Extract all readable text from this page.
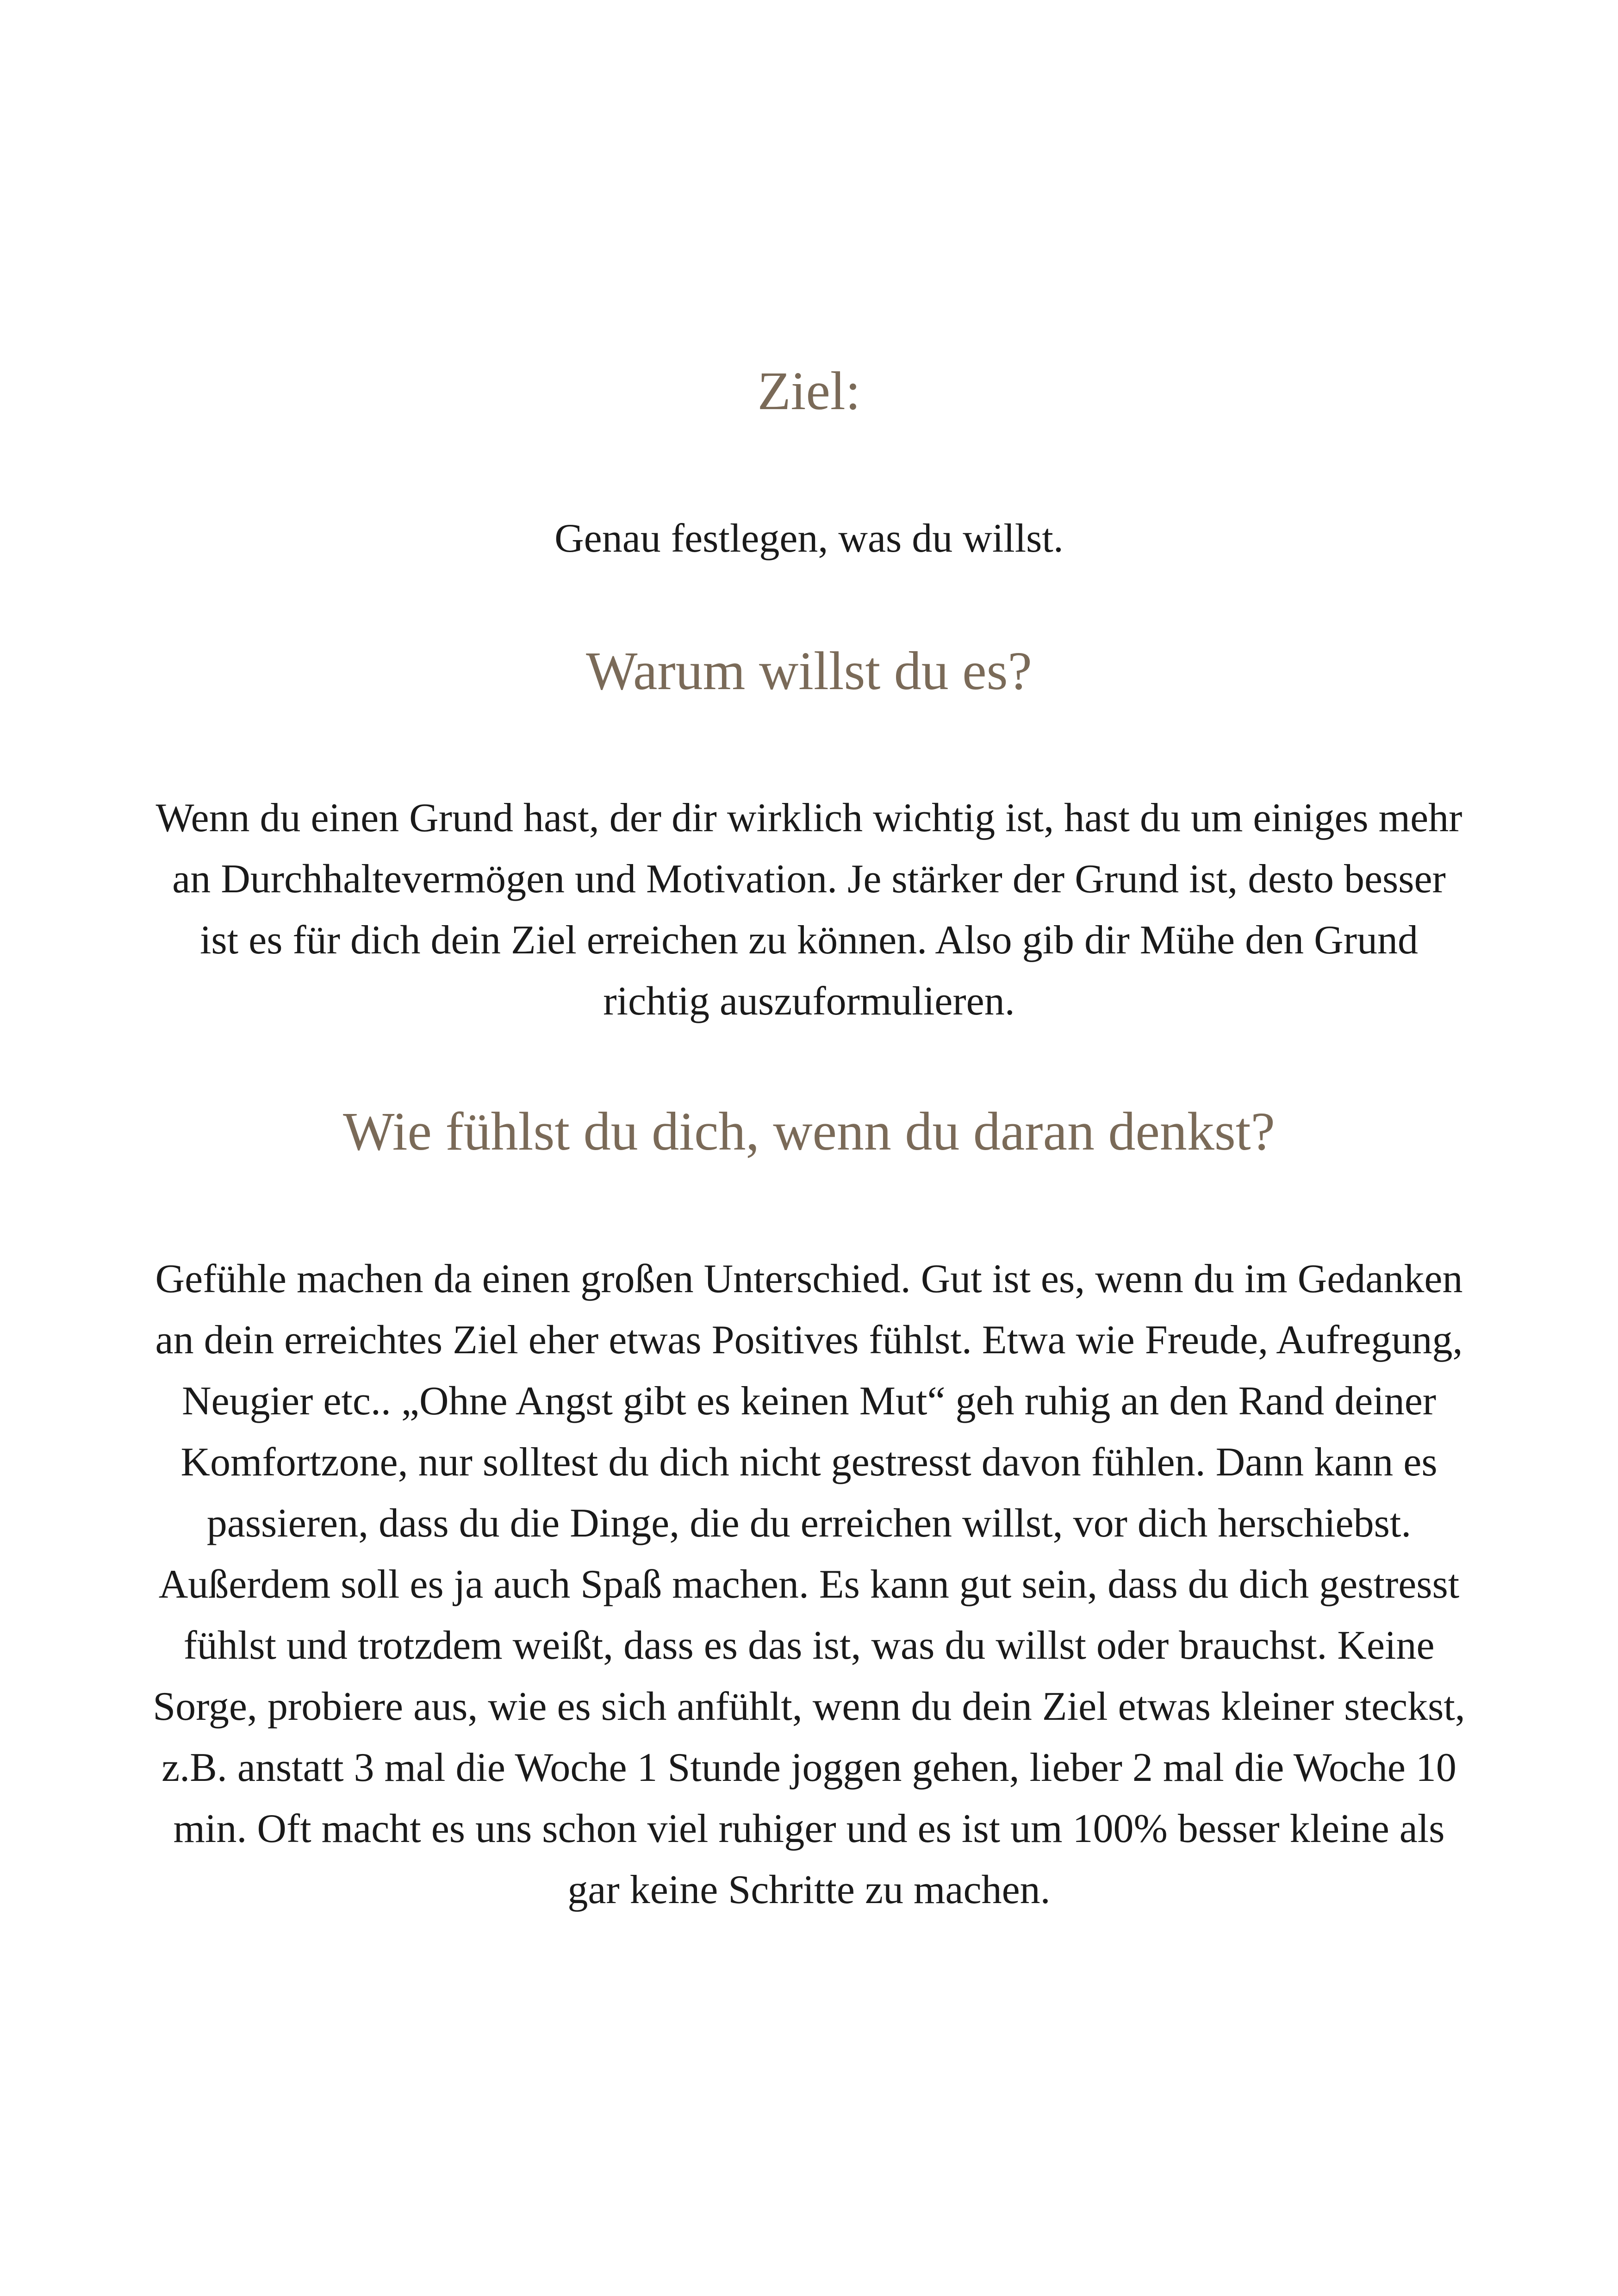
Ziel:

Genau festlegen, was du willst.

Warum willst du es?

Wenn du einen Grund hast, der dir wirklich wichtig ist, hast du um einiges mehr an Durchhaltevermögen und Motivation. Je stärker der Grund ist, desto besser ist es für dich dein Ziel erreichen zu können. Also gib dir Mühe den Grund richtig auszuformulieren.

Wie fühlst du dich, wenn du daran denkst?

Gefühle machen da einen großen Unterschied. Gut ist es, wenn du im Gedanken an dein erreichtes Ziel eher etwas Positives fühlst. Etwa wie Freude, Aufregung, Neugier etc.. „Ohne Angst gibt es keinen Mut“ geh ruhig an den Rand deiner Komfortzone, nur solltest du dich nicht gestresst davon fühlen. Dann kann es passieren, dass du die Dinge, die du erreichen willst, vor dich herschiebst. Außerdem soll es ja auch Spaß machen. Es kann gut sein, dass du dich gestresst fühlst und trotzdem weißt, dass es das ist, was du willst oder brauchst. Keine Sorge, probiere aus, wie es sich anfühlt, wenn du dein Ziel etwas kleiner steckst, z.B. anstatt 3 mal die Woche 1 Stunde joggen gehen, lieber 2 mal die Woche 10 min. Oft macht es uns schon viel ruhiger und es ist um 100% besser kleine als gar keine Schritte zu machen.
